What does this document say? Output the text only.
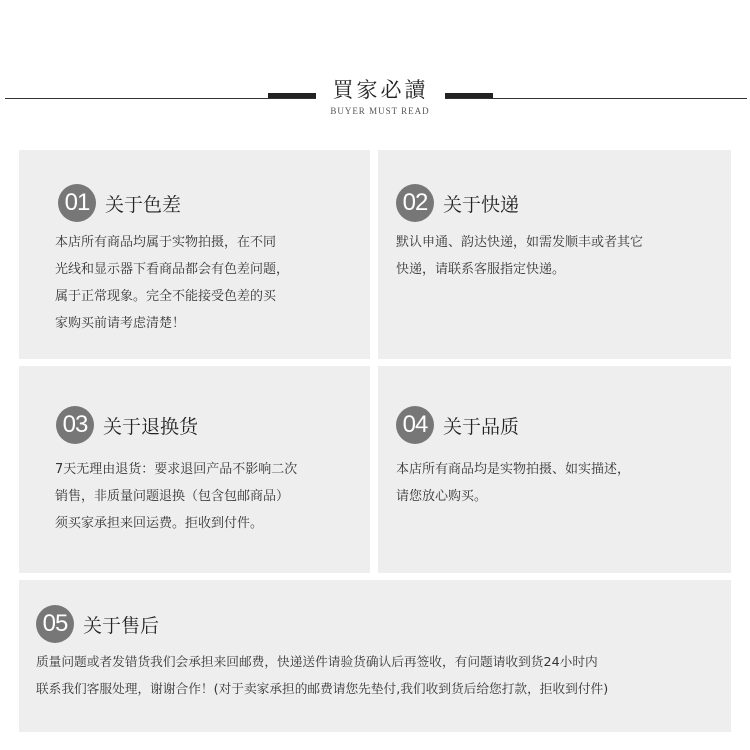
買家必讀
BUYER MUST READ
01 关于色差
本店所有商品均属于实物拍摄，在不同
光线和显示器下看商品都会有色差问题，
属于正常现象。完全不能接受色差的买
家购买前请考虑清楚！
02 关于快递
默认申通、韵达快递，如需发顺丰或者其它
快递，请联系客服指定快递。
03 关于退换货
7天无理由退货：要求退回产品不影响二次
销售，非质量问题退换（包含包邮商品）
须买家承担来回运费。拒收到付件。
04 关于品质
本店所有商品均是实物拍摄、如实描述，
请您放心购买。
05 关于售后
质量问题或者发错货我们会承担来回邮费，快递送件请验货确认后再签收，有问题请收到货24小时内
联系我们客服处理，谢谢合作！(对于卖家承担的邮费请您先垫付,我们收到货后给您打款，拒收到付件)
